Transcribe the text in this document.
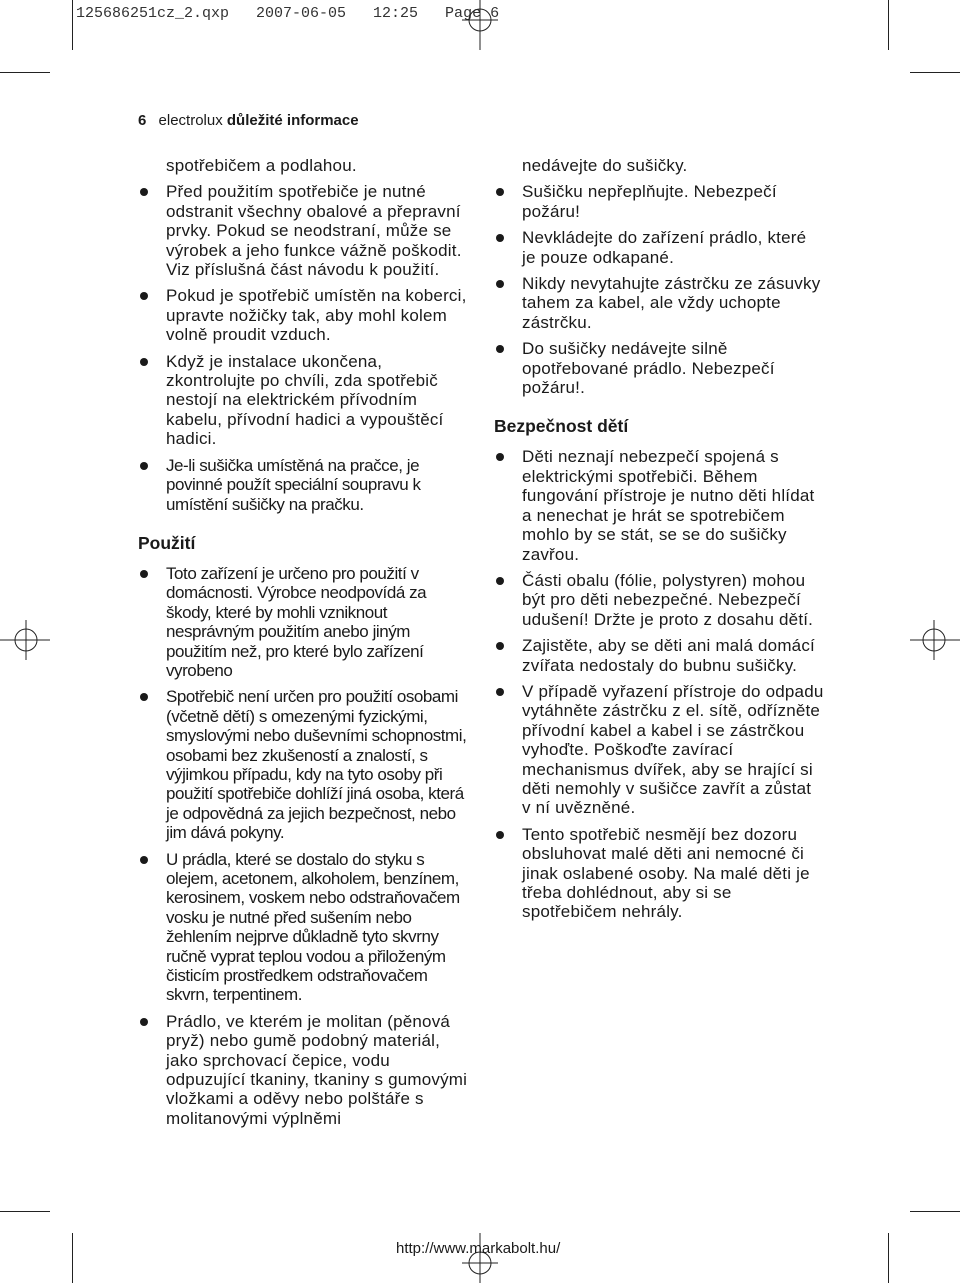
125686251cz_2.qxp   2007-06-05   12:25   Page 6
6 electrolux důležité informace

spotřebičem a podlahou.

Před použitím spotřebiče je nutné odstranit všechny obalové a přepravní prvky. Pokud se neodstraní, může se výrobek a jeho funkce vážně poškodit. Viz příslušná část návodu k použití.
Pokud je spotřebič umístěn na koberci, upravte nožičky tak, aby mohl kolem volně proudit vzduch.
Když je instalace ukončena, zkontrolujte po chvíli, zda spotřebič nestojí na elektrickém přívodním kabelu, přívodní hadici a vypouštěcí hadici.
Je-li sušička umístěná na pračce, je povinné použít speciální soupravu k umístění sušičky na pračku.
Použití
Toto zařízení je určeno pro použití v domácnosti. Výrobce neodpovídá za škody, které by mohli vzniknout nesprávným použitím anebo jiným použitím než, pro které bylo zařízení vyrobeno
Spotřebič není určen pro použití osobami (včetně dětí) s omezenými fyzickými, smyslovými nebo duševními schopnostmi, osobami bez zkušeností a znalostí, s výjimkou případu, kdy na tyto osoby při použití spotřebiče dohlíží jiná osoba, která je odpovědná za jejich bezpečnost, nebo jim dává pokyny.
U prádla, které se dostalo do styku s olejem, acetonem, alkoholem, benzínem, kerosinem, voskem nebo odstraňovačem vosku je nutné před sušením nebo žehlením nejprve důkladně tyto skvrny ručně vyprat teplou vodou a přiloženým čisticím prostředkem odstraňovačem skvrn, terpentinem.
Prádlo, ve kterém je molitan (pěnová pryž) nebo gumě podobný materiál, jako sprchovací čepice, vodu odpuzující tkaniny, tkaniny s gumovými vložkami a oděvy nebo polštáře s molitanovými výplněmi

nedávejte do sušičky.

Sušičku nepřeplňujte. Nebezpečí požáru!
Nevkládejte do zařízení prádlo, které je pouze odkapané.
Nikdy nevytahujte zástrčku ze zásuvky tahem za kabel, ale vždy uchopte zástrčku.
Do sušičky nedávejte silně opotřebované prádlo. Nebezpečí požáru!.
Bezpečnost dětí
Děti neznají nebezpečí spojená s elektrickými spotřebiči. Během fungování přístroje je nutno děti hlídat a nenechat je hrát se spotrebičem mohlo by se stát, se se do sušičky zavřou.
Části obalu (fólie, polystyren) mohou být pro děti nebezpečné. Nebezpečí udušení! Držte je proto z dosahu dětí.
Zajistěte, aby se děti ani malá domácí zvířata nedostaly do bubnu sušičky.
V případě vyřazení přístroje do odpadu vytáhněte zástrčku z el. sítě, odřízněte přívodní kabel a kabel i se zástrčkou vyhoďte. Poškoďte zavírací mechanismus dvířek, aby se hrající si děti nemohly v sušičce zavřít a zůstat v ní uvězněné.
Tento spotřebič nesmějí bez dozoru obsluhovat malé děti ani nemocné či jinak oslabené osoby. Na malé děti je třeba dohlédnout, aby si se spotřebičem nehrály.
http://www.markabolt.hu/
